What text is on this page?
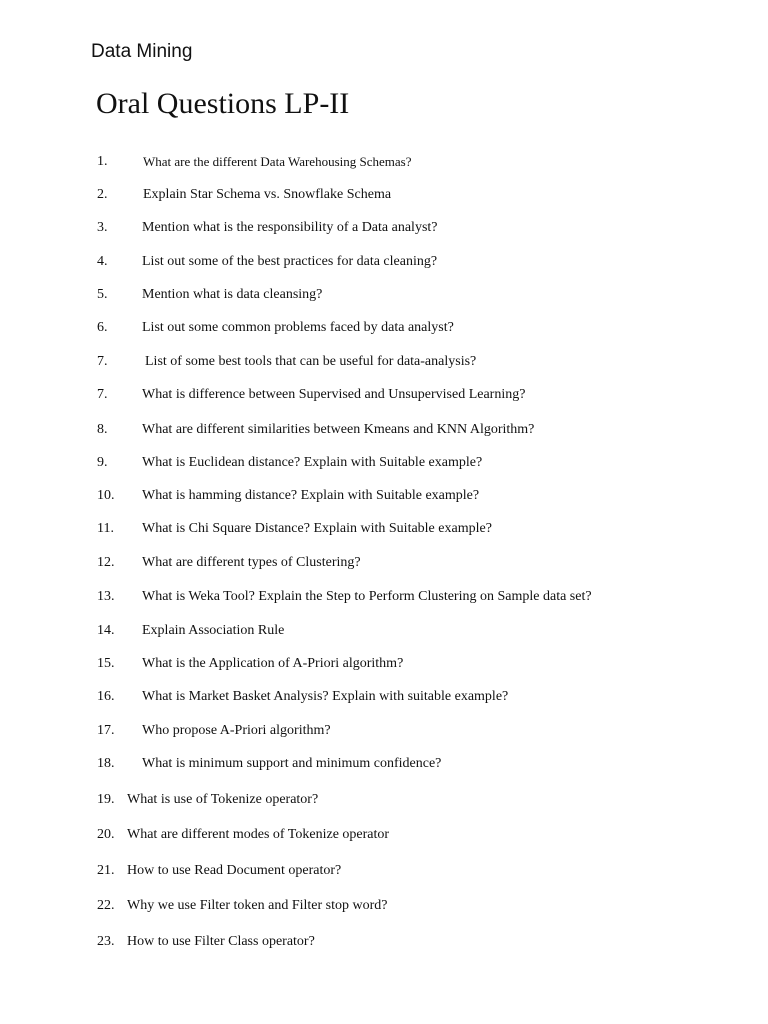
Data Mining
Oral Questions LP-II
1.	What are the different Data Warehousing Schemas?
2.	Explain Star Schema vs. Snowflake Schema
3. Mention what is the responsibility of a Data analyst?
4. List out some of the best practices for data cleaning?
5. Mention what is data cleansing?
6. List out some common problems faced by data analyst?
7.	List of some best tools that can be useful for data-analysis?
7. What is difference between Supervised and Unsupervised Learning?
8. What are different similarities between Kmeans and KNN Algorithm?
9. What is Euclidean distance? Explain with Suitable example?
10. What is hamming distance? Explain with Suitable example?
11. What is Chi Square Distance? Explain with Suitable example?
12. What are different types of Clustering?
13. What is Weka Tool? Explain the Step to Perform Clustering on Sample data set?
14. Explain Association Rule
15. What is the Application of A-Priori algorithm?
16. What is Market Basket Analysis? Explain with suitable example?
17. Who propose A-Priori algorithm?
18. What is minimum support and minimum confidence?
19. What is use of Tokenize operator?
20. What are different modes of Tokenize operator
21. How to use Read Document operator?
22. Why we use Filter token and Filter stop word?
23. How to use Filter Class operator?
